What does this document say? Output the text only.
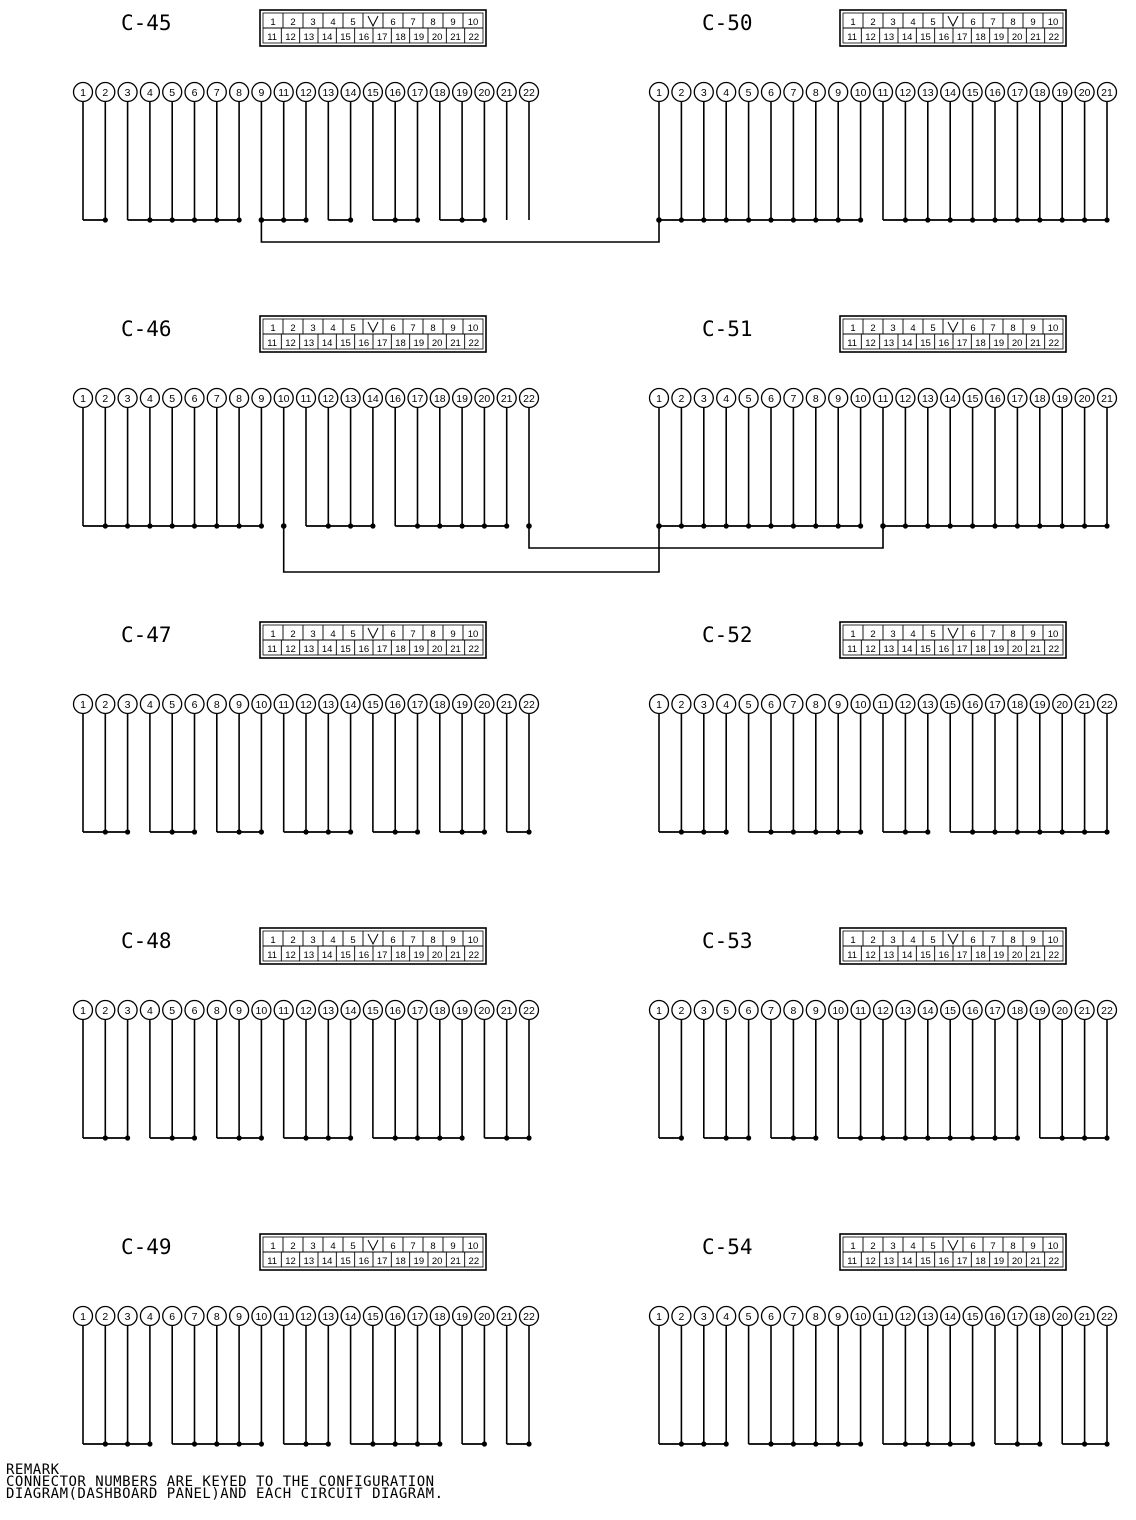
C-45	1 2 3 4 5	6 7 8 9 10
11 12 13 14 15 16 17 18 19 20 21 22
1 2 3 4 5 6 7 8 9 11 12 13 14 15 16 17 18 19 20 21 22
C-50	1 2 3 4 5	6 7 8 9 10
11 12 13 14 15 16 17 18 19 20 21 22
1 2 3 4 5 6 7 8 9 10 11 12 13 14 15 16 17 18 19 20 21
C-46	1 2 3 4 5	6 7 8 9 10
11 12 13 14 15 16 17 18 19 20 21 22
1 2 3 4 5 6 7 8 9 10 11 12 13 14 16 17 18 19 20 21 22
C-51	1 2 3 4 5	6 7 8 9 10
11 12 13 14 15 16 17 18 19 20 21 22
1 2 3 4 5 6 7 8 9 10 11 12 13 14 15 16 17 18 19 20 21
C-47	1 2 3 4 5	6 7 8 9 10
11 12 13 14 15 16 17 18 19 20 21 22
1 2 3 4 5 6 8 9 10 11 12 13 14 15 16 17 18 19 20 21 22
C-52	1 2 3 4 5	6 7 8 9 10
11 12 13 14 15 16 17 18 19 20 21 22
1 2 3 4 5 6 7 8 9 10 11 12 13 15 16 17 18 19 20 21 22
C-48	1 2 3 4 5	6 7 8 9 10
11 12 13 14 15 16 17 18 19 20 21 22
1 2 3 4 5 6 8 9 10 11 12 13 14 15 16 17 18 19 20 21 22
C-53	1 2 3 4 5	6 7 8 9 10
11 12 13 14 15 16 17 18 19 20 21 22
1 2 3 5 6 7 8 9 10 11 12 13 14 15 16 17 18 19 20 21 22
C-49	1 2 3 4 5	6 7 8 9 10
11 12 13 14 15 16 17 18 19 20 21 22
1 2 3 4 6 7 8 9 10 11 12 13 14 15 16 17 18 19 20 21 22
C-54	1 2 3 4 5	6 7 8 9 10
11 12 13 14 15 16 17 18 19 20 21 22
1 2 3 4 5 6 7 8 9 10 11 12 13 14 15 16 17 18 20 21 22
REMARK
CONNECTOR NUMBERS ARE KEYED TO THE CONFIGURATION
DIAGRAM(DASHBOARD PANEL)AND EACH CIRCUIT DIAGRAM.
